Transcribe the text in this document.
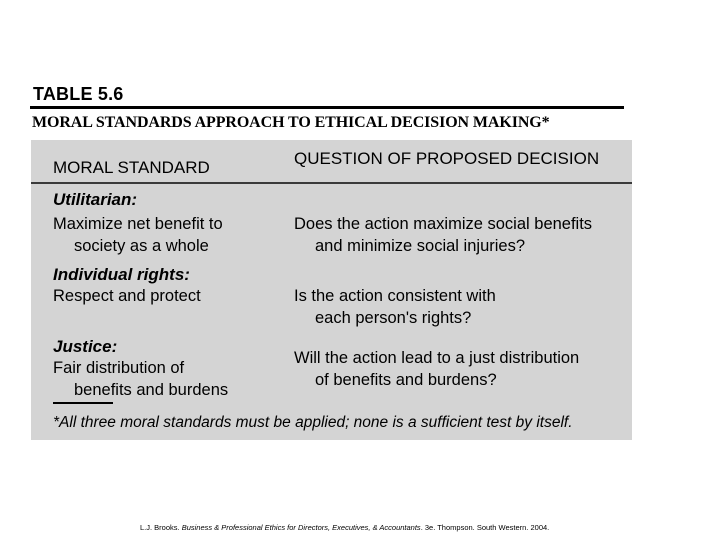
TABLE 5.6
MORAL STANDARDS APPROACH TO ETHICAL DECISION MAKING*
MORAL STANDARD	QUESTION OF PROPOSED DECISION
Utilitarian:
Maximize net benefit to
society as a whole
Does the action maximize social benefits
and minimize social injuries?
Individual rights:
Respect and protect	Is the action consistent with
each person's rights?
Justice:
Fair distribution of
benefits and burdens
Will the action lead to a just distribution
of benefits and burdens?
*All three moral standards must be applied; none is a sufficient test by itself.
L.J. Brooks. Business & Professional Ethics for Directors, Executives, & Accountants. 3e. Thompson. South Western. 2004.
